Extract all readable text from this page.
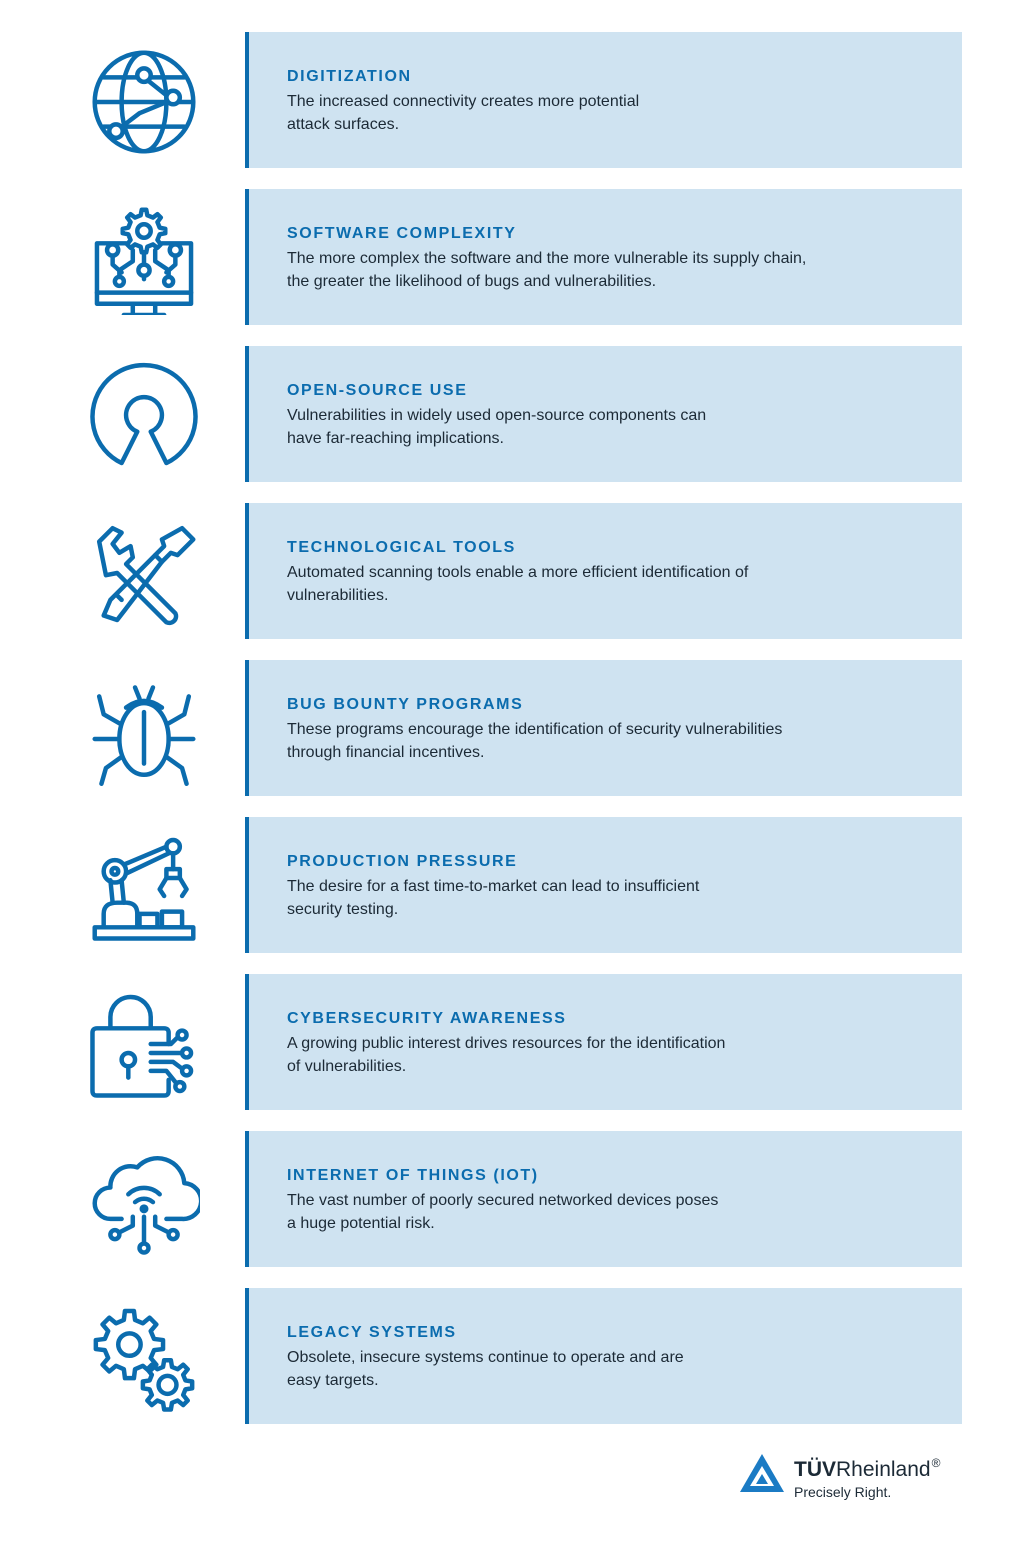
DIGITIZATION
The increased connectivity creates more potential
attack surfaces.
SOFTWARE COMPLEXITY
The more complex the software and the more vulnerable its supply chain,
the greater the likelihood of bugs and vulnerabilities.
OPEN-SOURCE USE
Vulnerabilities in widely used open-source components can
have far-reaching implications.
TECHNOLOGICAL TOOLS
Automated scanning tools enable a more efficient identification of
vulnerabilities.
BUG BOUNTY PROGRAMS
These programs encourage the identification of security vulnerabilities
through financial incentives.
PRODUCTION PRESSURE
The desire for a fast time-to-market can lead to insufficient
security testing.
CYBERSECURITY AWARENESS
A growing public interest drives resources for the identification
of vulnerabilities.
INTERNET OF THINGS (IOT)
The vast number of poorly secured networked devices poses
a huge potential risk.
LEGACY SYSTEMS
Obsolete, insecure systems continue to operate and are
easy targets.
TÜVRheinland®
Precisely Right.
